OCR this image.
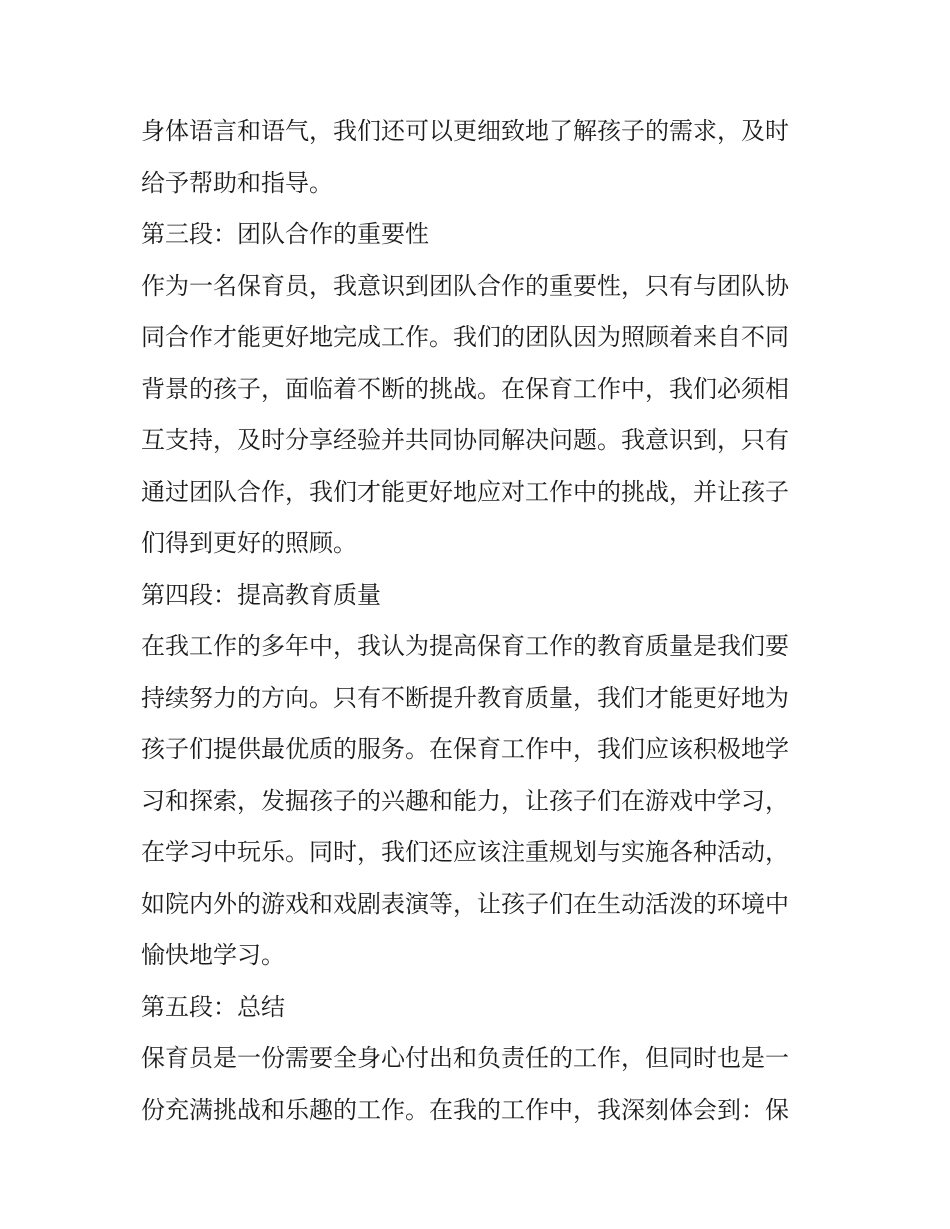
身体语言和语气，我们还可以更细致地了解孩子的需求，及时
给予帮助和指导。
第三段：团队合作的重要性
作为一名保育员，我意识到团队合作的重要性，只有与团队协
同合作才能更好地完成工作。我们的团队因为照顾着来自不同
背景的孩子，面临着不断的挑战。在保育工作中，我们必须相
互支持，及时分享经验并共同协同解决问题。我意识到，只有
通过团队合作，我们才能更好地应对工作中的挑战，并让孩子
们得到更好的照顾。
第四段：提高教育质量
在我工作的多年中，我认为提高保育工作的教育质量是我们要
持续努力的方向。只有不断提升教育质量，我们才能更好地为
孩子们提供最优质的服务。在保育工作中，我们应该积极地学
习和探索，发掘孩子的兴趣和能力，让孩子们在游戏中学习，
在学习中玩乐。同时，我们还应该注重规划与实施各种活动，
如院内外的游戏和戏剧表演等，让孩子们在生动活泼的环境中
愉快地学习。
第五段：总结
保育员是一份需要全身心付出和负责任的工作，但同时也是一
份充满挑战和乐趣的工作。在我的工作中，我深刻体会到：保
